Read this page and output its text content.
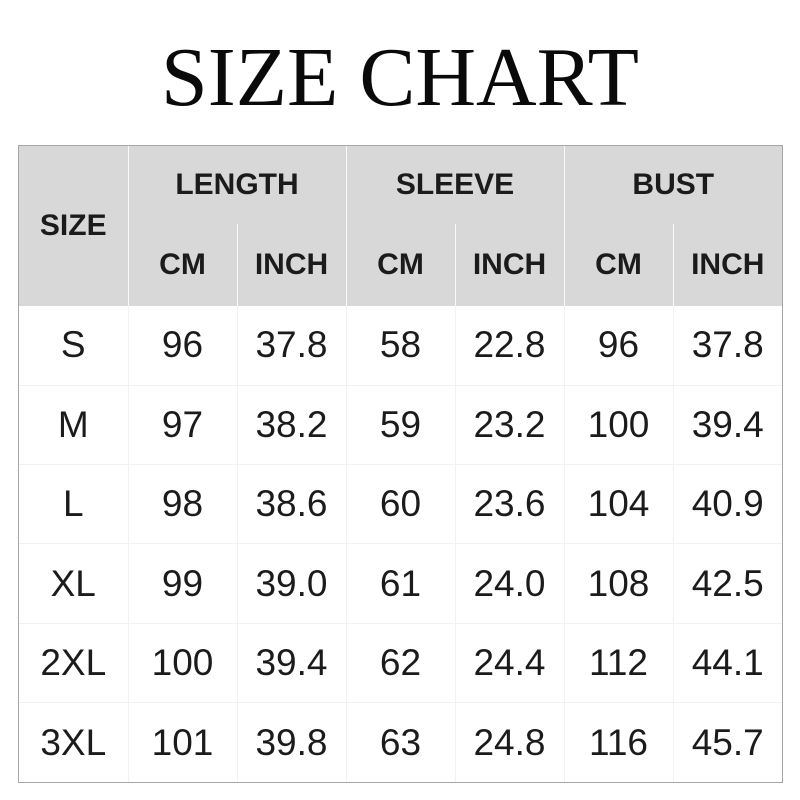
SIZE CHART
SIZE	LENGTH		SLEEVE		BUST	
	CM	INCH	CM	INCH	CM	INCH
S	96	37.8	58	22.8	96	37.8
M	97	38.2	59	23.2	100	39.4
L	98	38.6	60	23.6	104	40.9
XL	99	39.0	61	24.0	108	42.5
2XL	100	39.4	62	24.4	112	44.1
3XL	101	39.8	63	24.8	116	45.7
